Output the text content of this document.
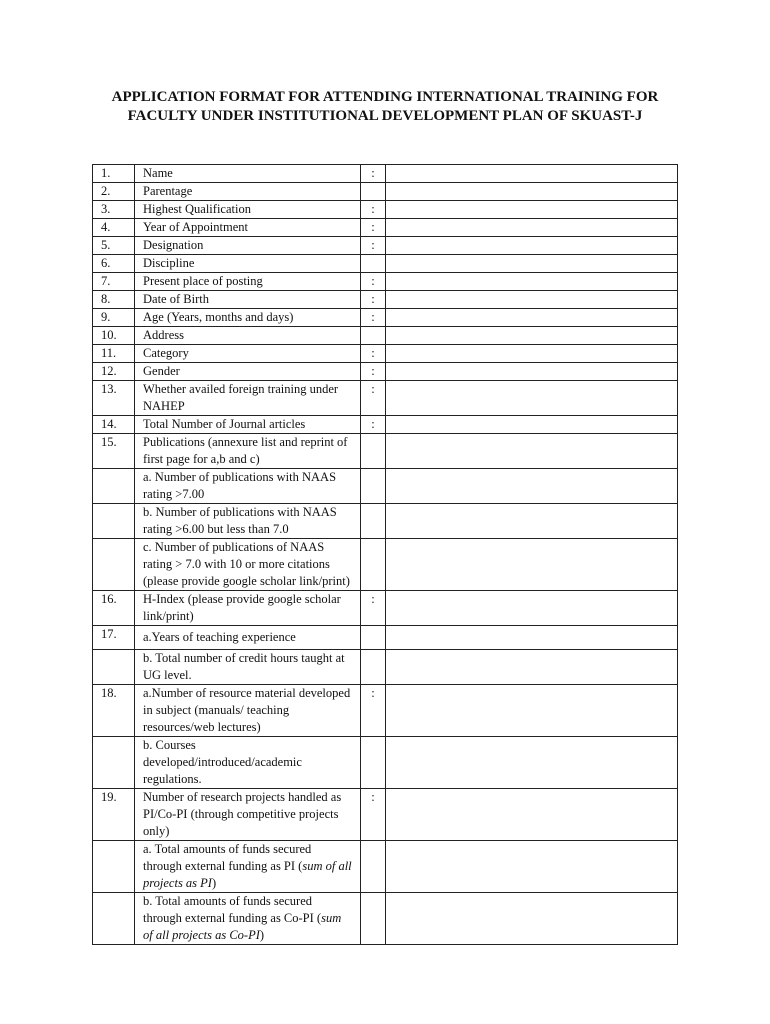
APPLICATION FORMAT FOR ATTENDING INTERNATIONAL TRAINING FOR
FACULTY UNDER INSTITUTIONAL DEVELOPMENT PLAN OF SKUAST-J
1.	Name	:	
2.	Parentage		
3.	Highest Qualification	:	
4.	Year of Appointment	:	
5.	Designation	:	
6.	Discipline		
7.	Present place of posting	:	
8.	Date of Birth	:	
9.	Age (Years, months and days)	:	
10.	Address		
11.	Category	:	
12.	Gender	:	
13.	Whether availed foreign training under NAHEP	:	
14.	Total Number of Journal articles	:	
15.	Publications (annexure list and reprint of first page for a,b and c)		
	a. Number of publications with NAAS rating >7.00		
	b. Number of publications with NAAS rating >6.00 but less than 7.0		
	c. Number of publications of NAAS rating > 7.0 with 10 or more citations (please provide google scholar link/print)		
16.	H-Index (please provide google scholar link/print)	:	
17.	a.Years of teaching experience		
	b. Total number of credit hours taught at UG level.		
18.	a.Number of resource material developed in subject (manuals/ teaching resources/web lectures)	:	
	b. Courses developed/introduced/academic regulations.		
19.	Number of research projects handled as PI/Co-PI (through competitive projects only)	:	
	a. Total amounts of funds secured through external funding as PI (sum of all projects as PI)		
	b. Total amounts of funds secured through external funding as Co-PI (sum of all projects as Co-PI)		
